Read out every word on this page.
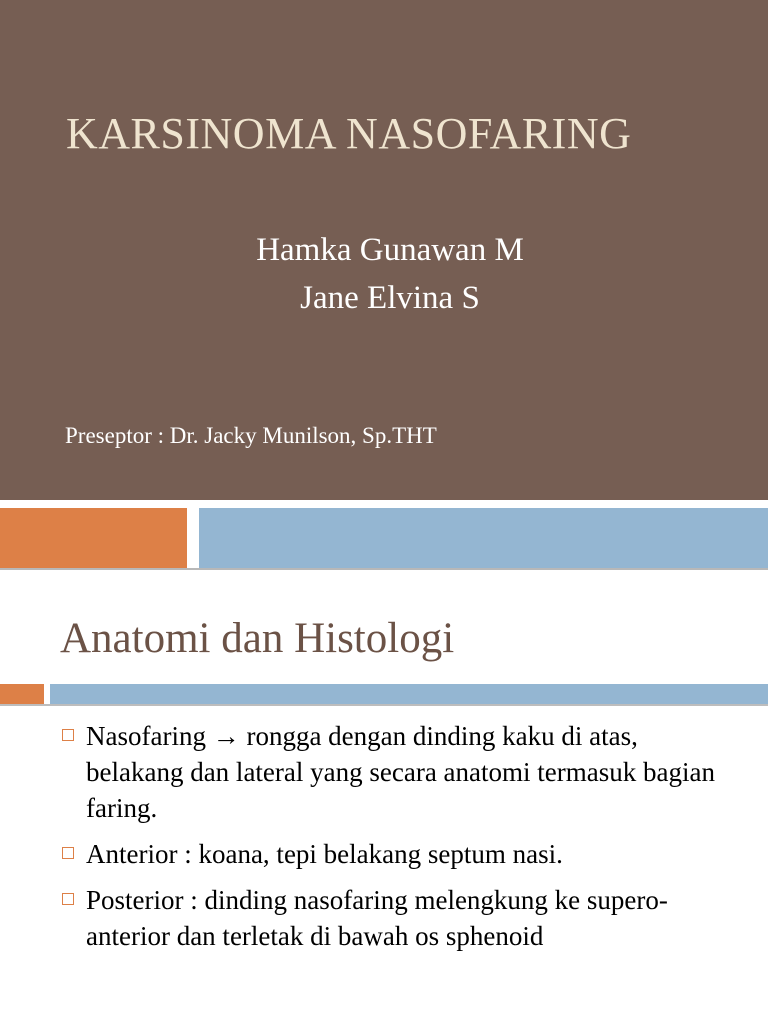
KARSINOMA NASOFARING
Hamka Gunawan M
Jane Elvina S
Preseptor : Dr. Jacky Munilson, Sp.THT
Anatomi dan Histologi
Nasofaring → rongga dengan dinding kaku di atas, belakang dan lateral yang secara anatomi termasuk bagian faring.
Anterior : koana, tepi belakang septum nasi.
Posterior : dinding nasofaring melengkung ke supero-anterior dan terletak di bawah os sphenoid
